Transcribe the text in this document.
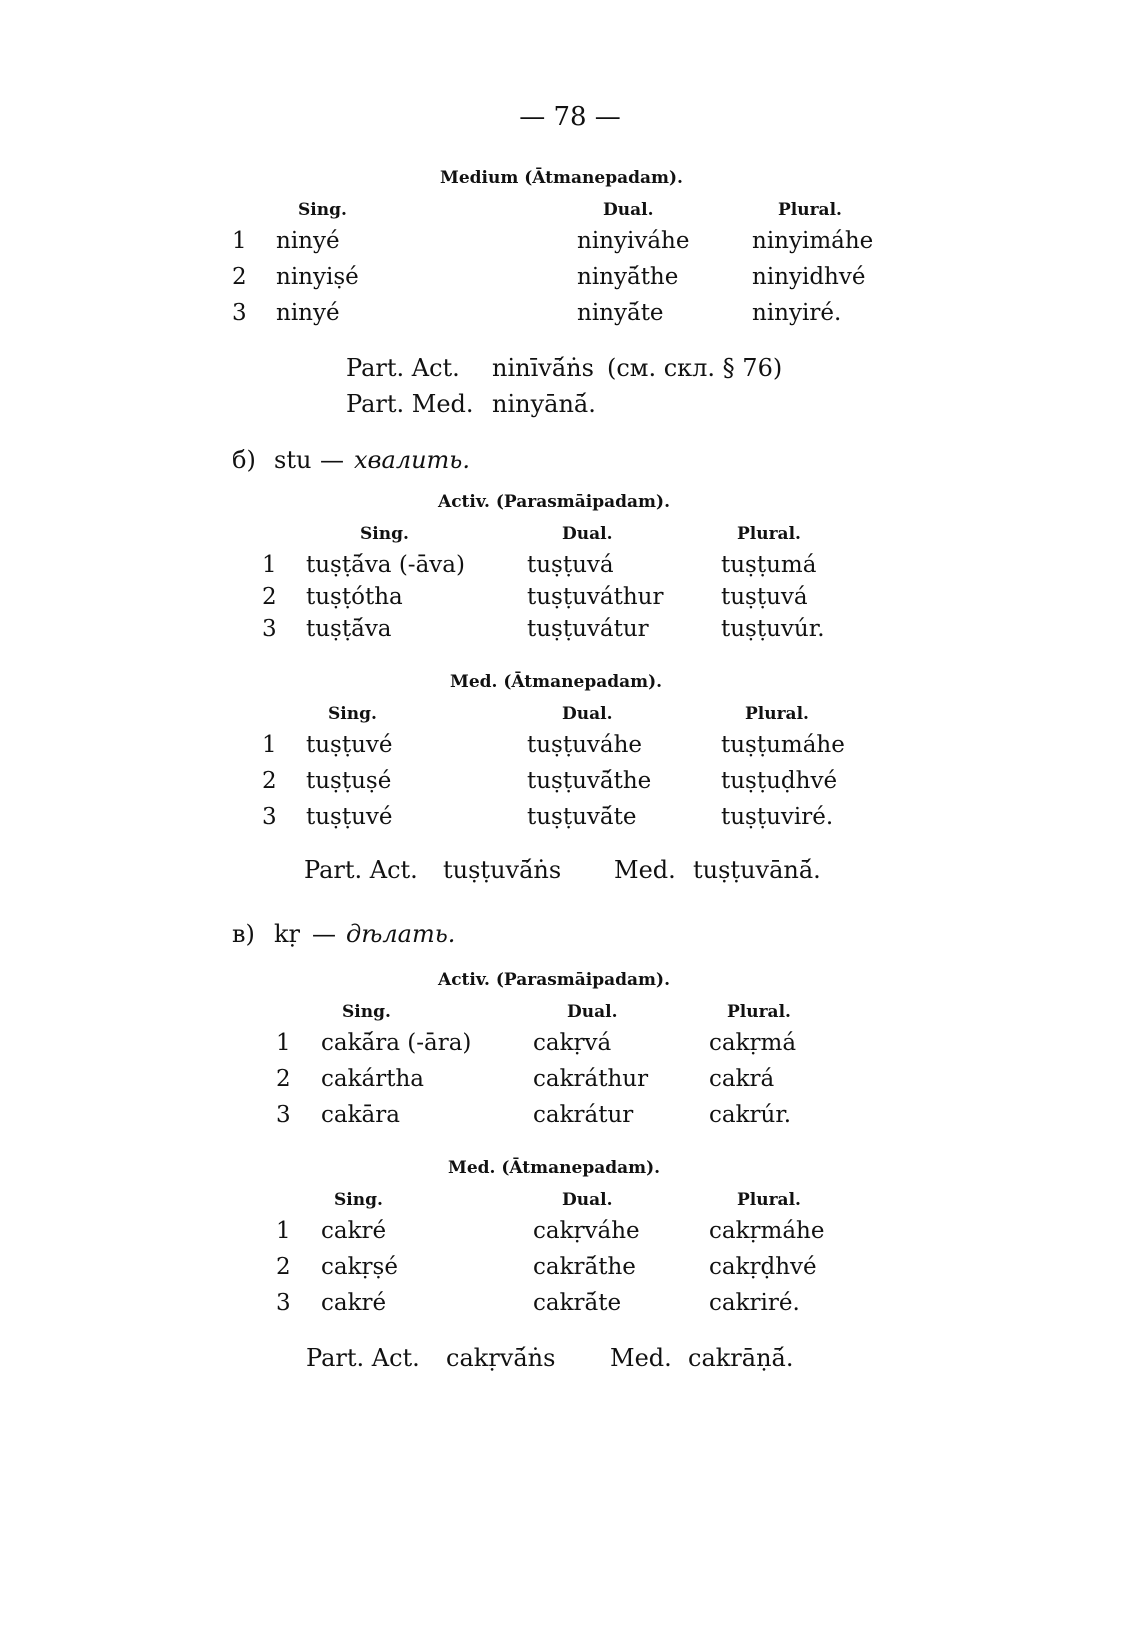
— 78 —
Medium (Ātmanepadam).
Sing.	Dual.	Plural.
1 ninyé	ninyiváhe	ninyimáhe
2 ninyiṣé	ninyā́the	ninyidhvé
3 ninyé	ninyā́te	ninyiré.
Part. Act. ninīvā́ṅs (см. скл. § 76)
Part. Med. ninyānā́.
б) stu — хвалить.
Activ. (Parasmāipadam).
Sing.	Dual.	Plural.
1 tuṣṭā́va (-āva)	tuṣṭuvá	tuṣṭumá
2 tuṣṭótha	tuṣṭuváthur	tuṣṭuvá
3 tuṣṭā́va	tuṣṭuvátur	tuṣṭuvúr.
Med. (Ātmanepadam).
Sing.	Dual.	Plural.
1 tuṣṭuvé	tuṣṭuváhe	tuṣṭumáhe
2 tuṣṭuṣé	tuṣṭuvā́the	tuṣṭuḍhvé
3 tuṣṭuvé	tuṣṭuvā́te	tuṣṭuviré.
Part. Act. tuṣṭuvā́ṅs Med. tuṣṭuvānā́.
в) kṛ — дѣлать.
Activ. (Parasmāipadam).
Sing.	Dual.	Plural.
1 cakā́ra (-āra)	cakṛvá	cakṛmá
2 cakártha	cakráthur	cakrá
3 cakāra	cakrátur	cakrúr.
Med. (Ātmanepadam).
Sing.	Dual.	Plural.
1 cakré	cakṛváhe	cakṛmáhe
2 cakṛṣé	cakrā́the	cakṛḍhvé
3 cakré	cakrā́te	cakriré.
Part. Act. cakṛvā́ṅs Med. cakrāṇā́.
